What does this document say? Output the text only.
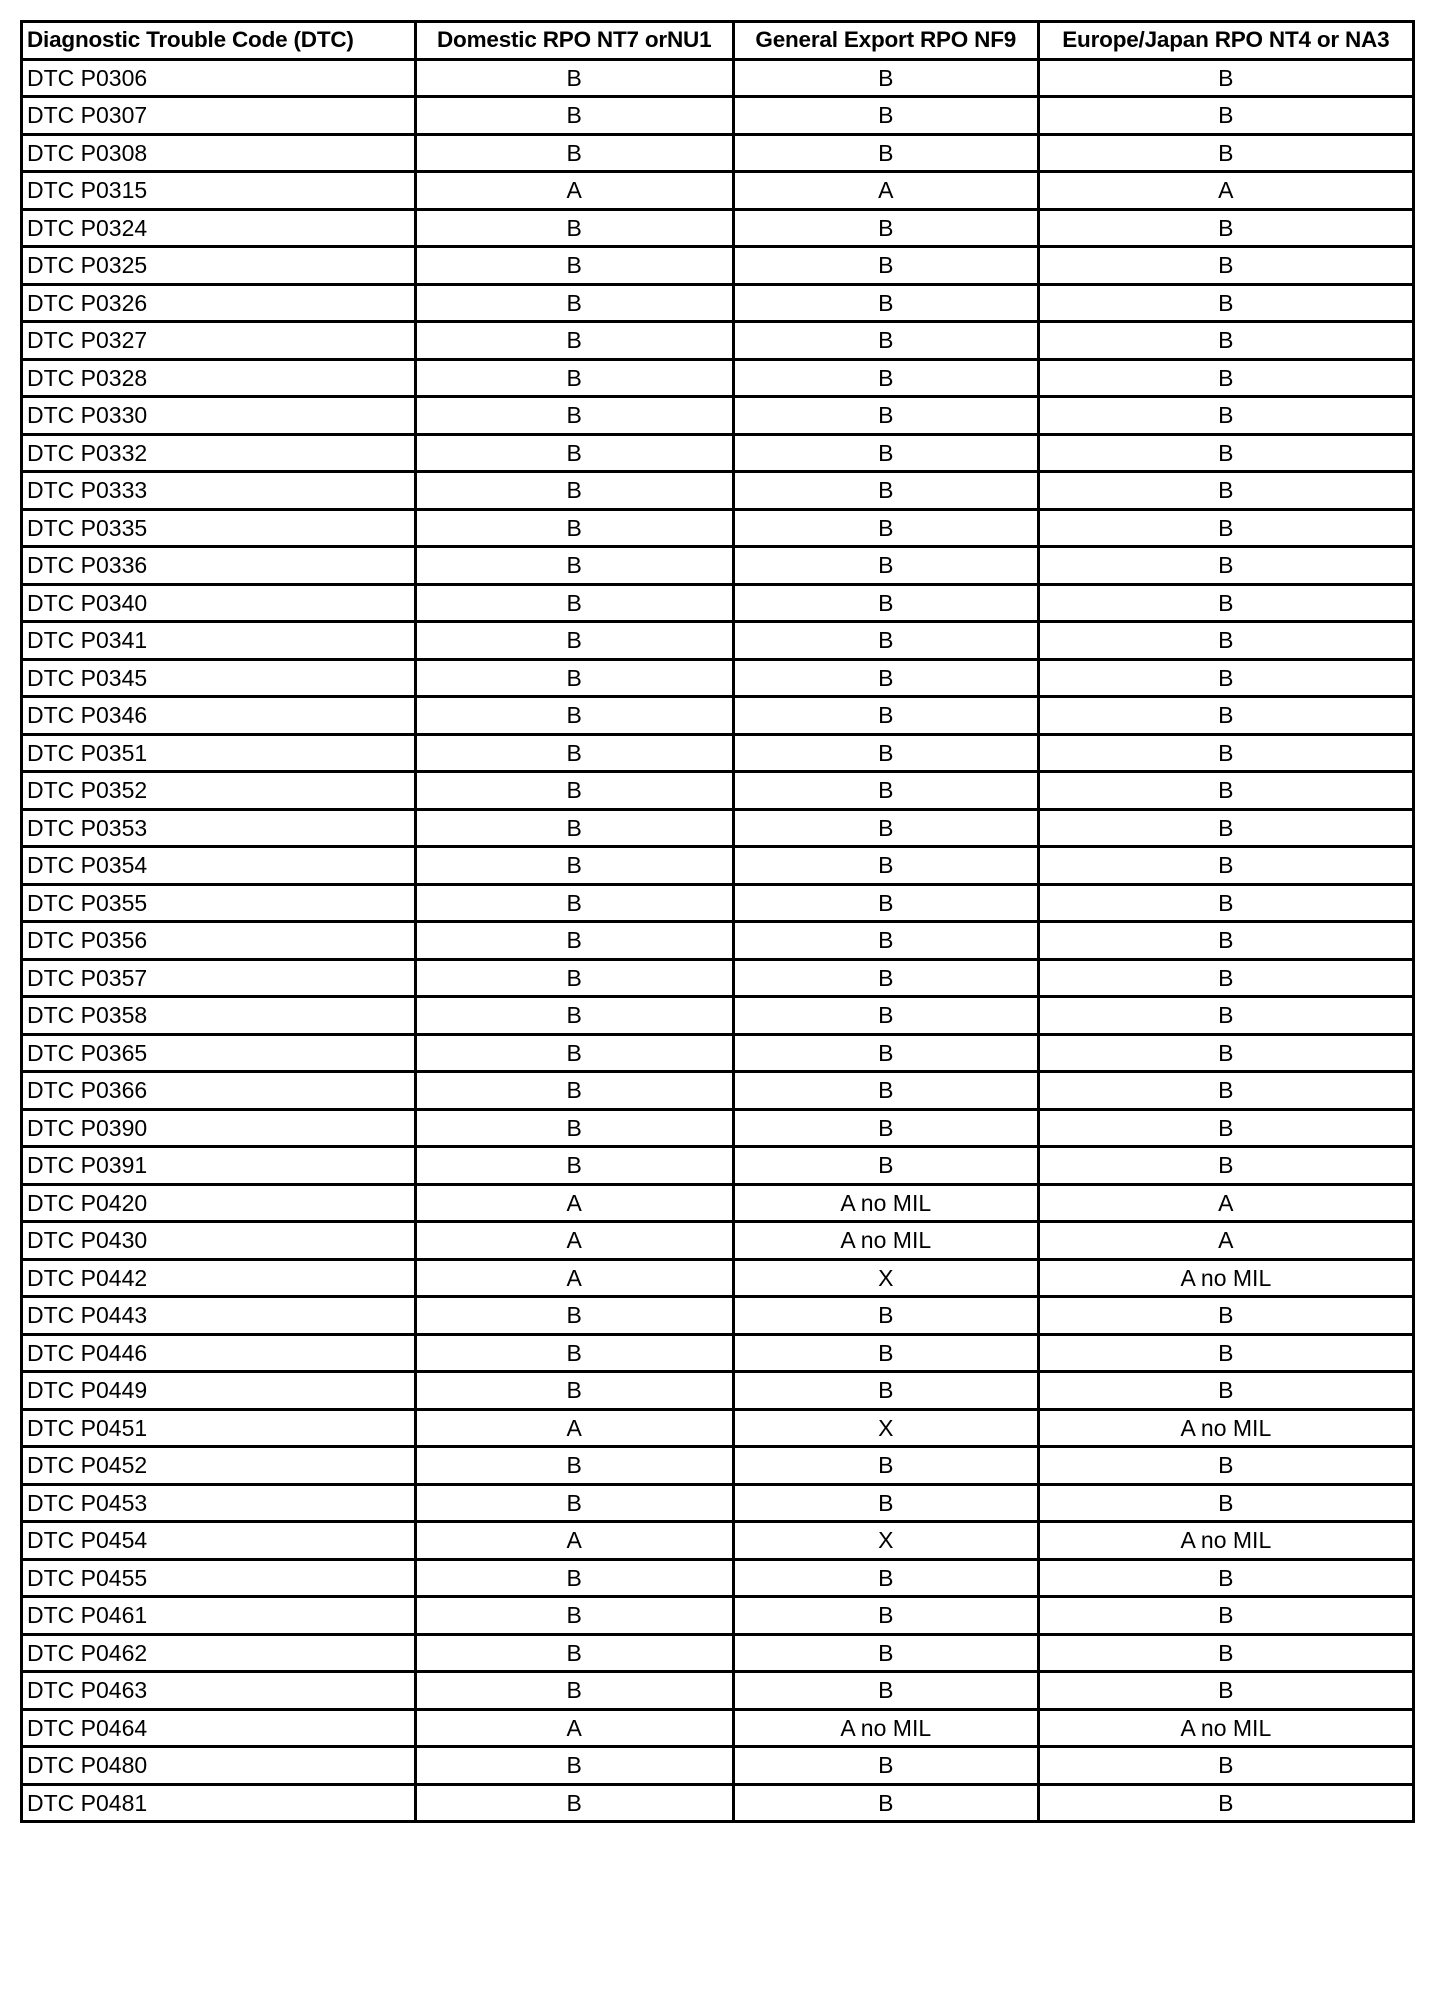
Diagnostic Trouble Code (DTC)	Domestic RPO NT7 orNU1	General Export RPO NF9	Europe/Japan RPO NT4 or NA3
DTC P0306	B	B	B
DTC P0307	B	B	B
DTC P0308	B	B	B
DTC P0315	A	A	A
DTC P0324	B	B	B
DTC P0325	B	B	B
DTC P0326	B	B	B
DTC P0327	B	B	B
DTC P0328	B	B	B
DTC P0330	B	B	B
DTC P0332	B	B	B
DTC P0333	B	B	B
DTC P0335	B	B	B
DTC P0336	B	B	B
DTC P0340	B	B	B
DTC P0341	B	B	B
DTC P0345	B	B	B
DTC P0346	B	B	B
DTC P0351	B	B	B
DTC P0352	B	B	B
DTC P0353	B	B	B
DTC P0354	B	B	B
DTC P0355	B	B	B
DTC P0356	B	B	B
DTC P0357	B	B	B
DTC P0358	B	B	B
DTC P0365	B	B	B
DTC P0366	B	B	B
DTC P0390	B	B	B
DTC P0391	B	B	B
DTC P0420	A	A no MIL	A
DTC P0430	A	A no MIL	A
DTC P0442	A	X	A no MIL
DTC P0443	B	B	B
DTC P0446	B	B	B
DTC P0449	B	B	B
DTC P0451	A	X	A no MIL
DTC P0452	B	B	B
DTC P0453	B	B	B
DTC P0454	A	X	A no MIL
DTC P0455	B	B	B
DTC P0461	B	B	B
DTC P0462	B	B	B
DTC P0463	B	B	B
DTC P0464	A	A no MIL	A no MIL
DTC P0480	B	B	B
DTC P0481	B	B	B
